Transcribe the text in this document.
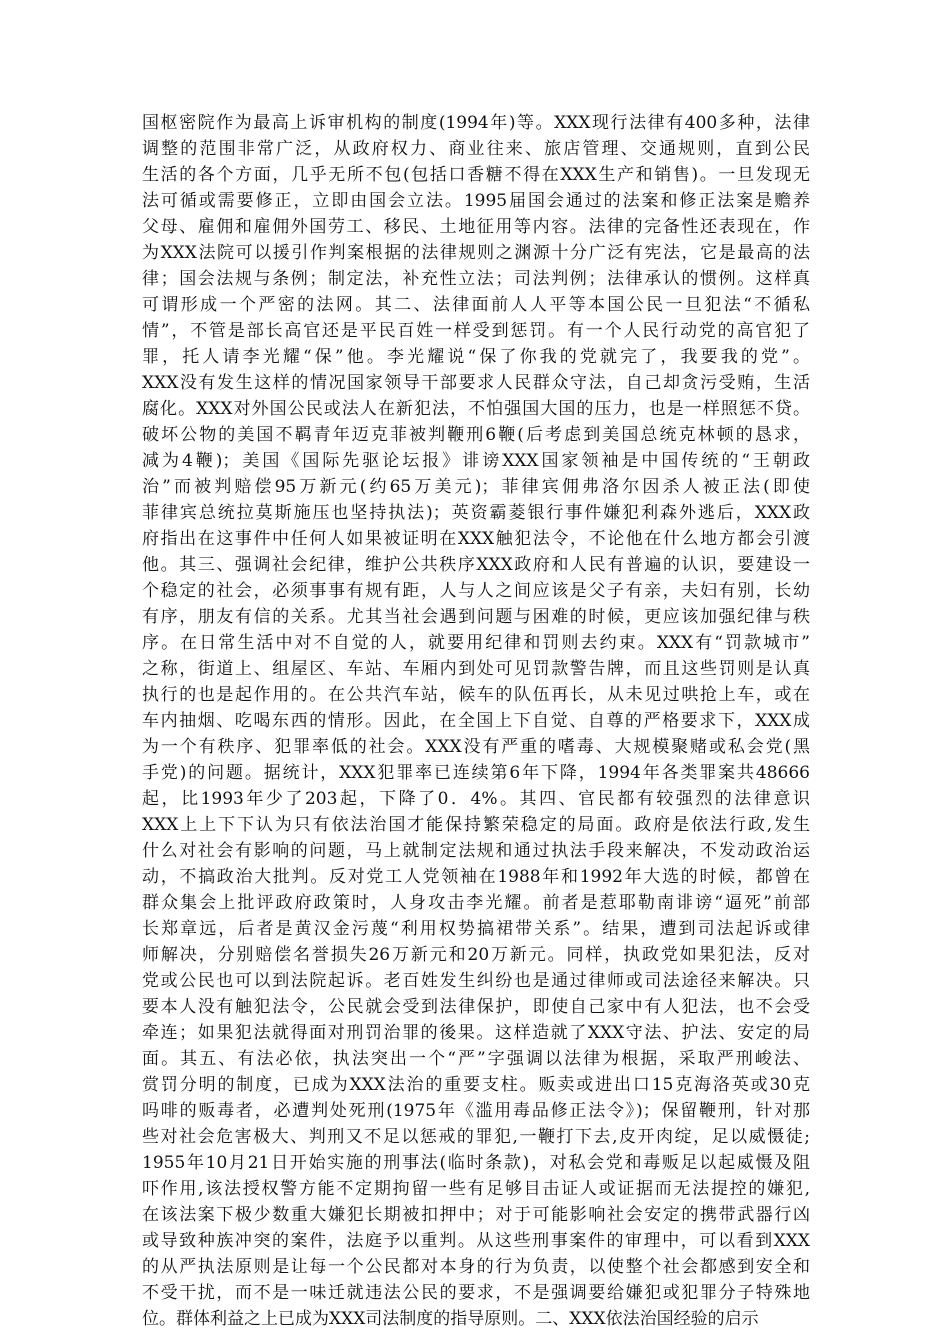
国枢密院作为最高上诉审机构的制度(1994年)等。XXX现行法律有400多种，法律
调整的范围非常广泛，从政府权力、商业往来、旅店管理、交通规则，直到公民
生活的各个方面，几乎无所不包(包括口香糖不得在XXX生产和销售)。一旦发现无
法可循或需要修正，立即由国会立法。1995届国会通过的法案和修正法案是赡养
父母、雇佣和雇佣外国劳工、移民、土地征用等内容。法律的完备性还表现在，作
为XXX法院可以援引作判案根据的法律规则之渊源十分广泛有宪法，它是最高的法
律；国会法规与条例；制定法，补充性立法；司法判例；法律承认的惯例。这样真
可谓形成一个严密的法网。其二、法律面前人人平等本国公民一旦犯法“不循私
情”，不管是部长高官还是平民百姓一样受到惩罚。有一个人民行动党的高官犯了
罪，托人请李光耀“保”他。李光耀说“保了你我的党就完了，我要我的党”。
XXX没有发生这样的情况国家领导干部要求人民群众守法，自己却贪污受贿，生活
腐化。XXX对外国公民或法人在新犯法，不怕强国大国的压力，也是一样照惩不贷。
破坏公物的美国不羁青年迈克菲被判鞭刑6鞭(后考虑到美国总统克林顿的恳求，
减为4鞭)；美国《国际先驱论坛报》诽谤XXX国家领袖是中国传统的“王朝政
治”而被判赔偿95万新元(约65万美元)；菲律宾佣弗洛尔因杀人被正法(即使
菲律宾总统拉莫斯施压也坚持执法)；英资霸菱银行事件嫌犯利森外逃后，XXX政
府指出在这事件中任何人如果被证明在XXX触犯法令，不论他在什么地方都会引渡
他。其三、强调社会纪律，维护公共秩序XXX政府和人民有普遍的认识，要建设一
个稳定的社会，必须事事有规有距，人与人之间应该是父子有亲，夫妇有别，长幼
有序，朋友有信的关系。尤其当社会遇到问题与困难的时候，更应该加强纪律与秩
序。在日常生活中对不自觉的人，就要用纪律和罚则去约束。XXX有“罚款城市”
之称，街道上、组屋区、车站、车厢内到处可见罚款警告牌，而且这些罚则是认真
执行的也是起作用的。在公共汽车站，候车的队伍再长，从未见过哄抢上车，或在
车内抽烟、吃喝东西的情形。因此，在全国上下自觉、自尊的严格要求下，XXX成
为一个有秩序、犯罪率低的社会。XXX没有严重的嗜毒、大规模聚赌或私会党(黑
手党)的问题。据统计，XXX犯罪率已连续第6年下降，1994年各类罪案共48666
起，比1993年少了203起，下降了0．4%。其四、官民都有较强烈的法律意识
XXX上上下下认为只有依法治国才能保持繁荣稳定的局面。政府是依法行政,发生
什么对社会有影响的问题，马上就制定法规和通过执法手段来解决，不发动政治运
动，不搞政治大批判。反对党工人党领袖在1988年和1992年大选的时候，都曾在
群众集会上批评政府政策时，人身攻击李光耀。前者是惹耶勒南诽谤“逼死”前部
长郑章远，后者是黄汉金污蔑“利用权势搞裙带关系”。结果，遭到司法起诉或律
师解决，分别赔偿名誉损失26万新元和20万新元。同样，执政党如果犯法，反对
党或公民也可以到法院起诉。老百姓发生纠纷也是通过律师或司法途径来解决。只
要本人没有触犯法令，公民就会受到法律保护，即使自己家中有人犯法，也不会受
牵连；如果犯法就得面对刑罚治罪的後果。这样造就了XXX守法、护法、安定的局
面。其五、有法必依，执法突出一个“严”字强调以法律为根据，采取严刑峻法、
赏罚分明的制度，已成为XXX法治的重要支柱。贩卖或进出口15克海洛英或30克
吗啡的贩毒者，必遭判处死刑(1975年《滥用毒品修正法令》)；保留鞭刑，针对那
些对社会危害极大、判刑又不足以惩戒的罪犯,一鞭打下去,皮开肉绽，足以威慑徒;
1955年10月21日开始实施的刑事法(临时条款)，对私会党和毒贩足以起威慑及阻
吓作用,该法授权警方能不定期拘留一些有足够目击证人或证据而无法提控的嫌犯,
在该法案下极少数重大嫌犯长期被扣押中；对于可能影响社会安定的携带武器行凶
或导致种族冲突的案件，法庭予以重判。从这些刑事案件的审理中，可以看到XXX
的从严执法原则是让每一个公民都对本身的行为负责，以使整个社会都感到安全和
不受干扰，而不是一味迁就违法公民的要求，不是强调要给嫌犯或犯罪分子特殊地
位。群体利益之上已成为XXX司法制度的指导原则。二、XXX依法治国经验的启示
